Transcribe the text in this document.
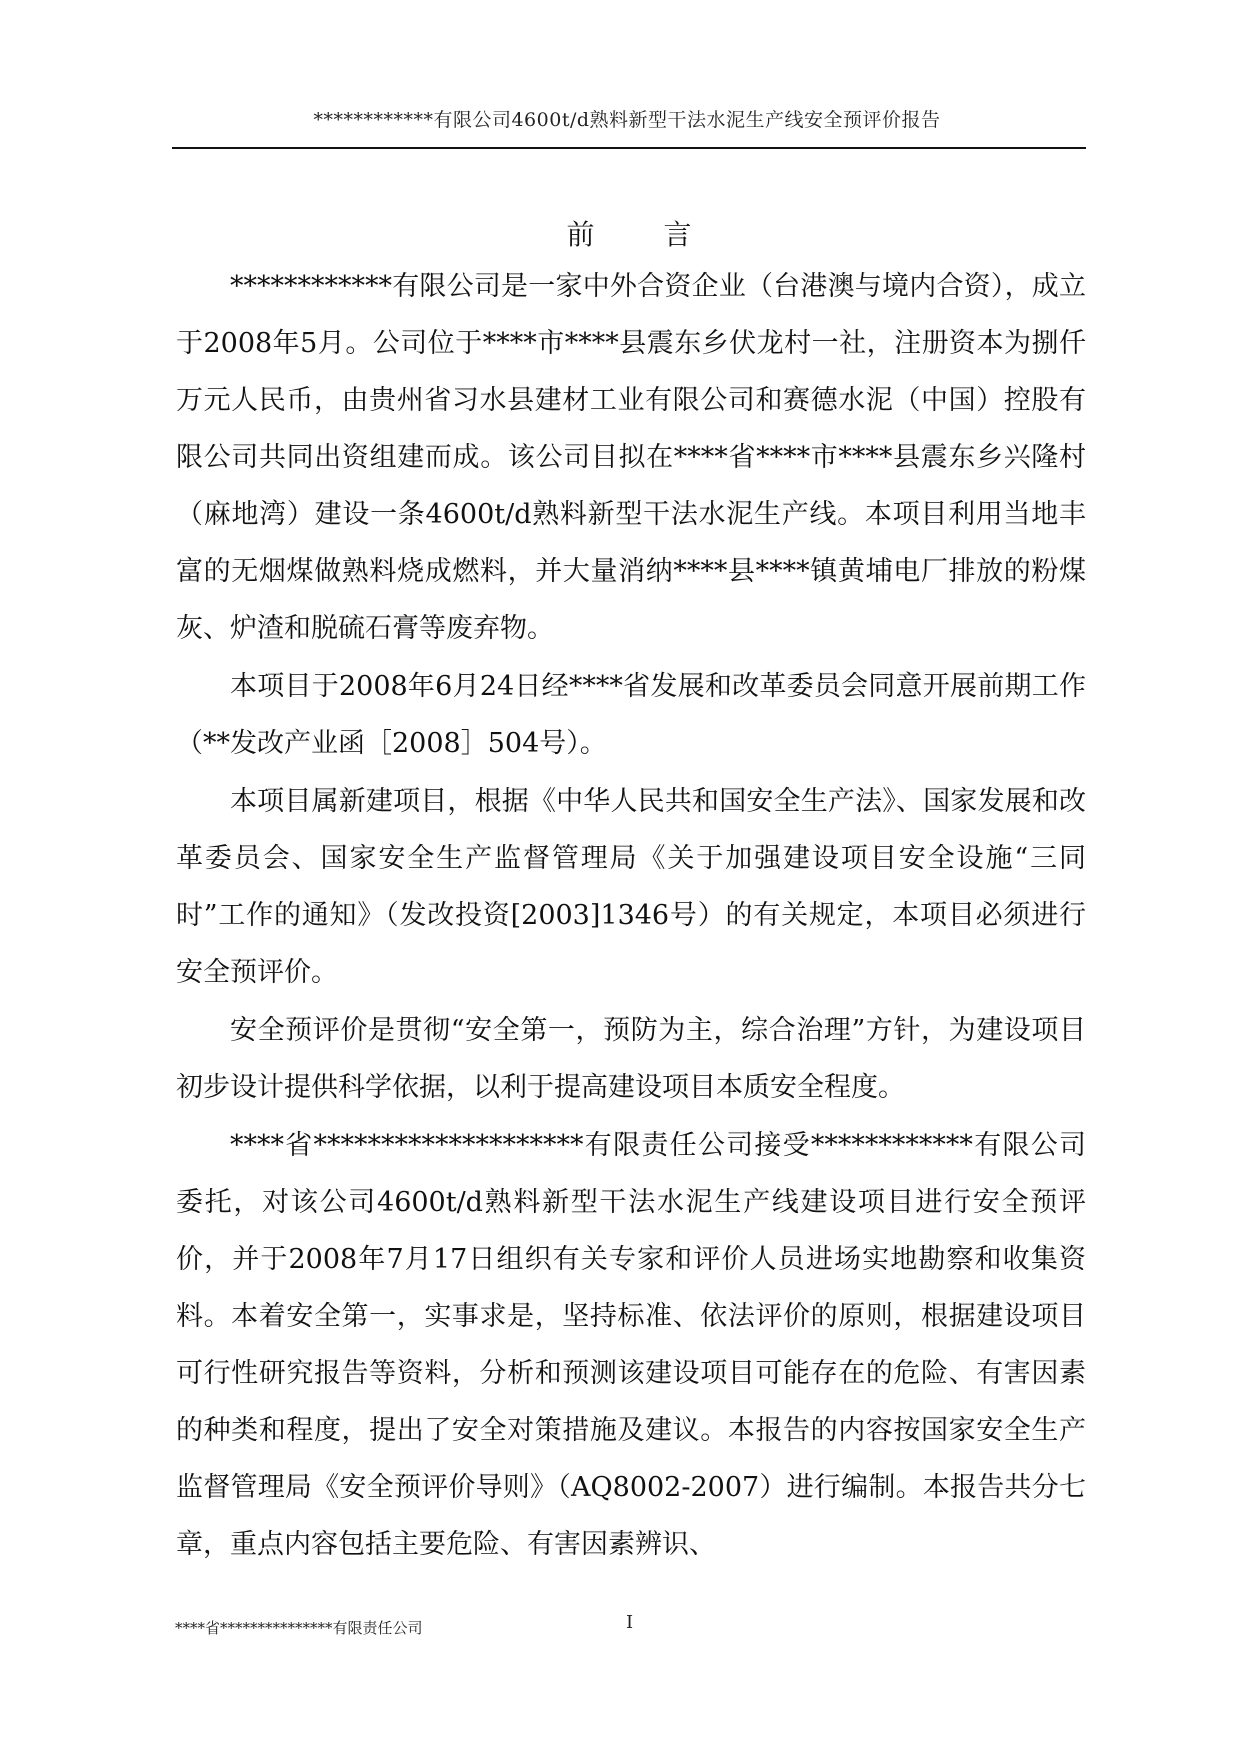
************有限公司4600t/d熟料新型干法水泥生产线安全预评价报告
前 言

************有限公司是一家中外合资企业（台港澳与境内合资），成立于2008年5月。公司位于****市****县震东乡伏龙村一社，注册资本为捌仟万元人民币，由贵州省习水县建材工业有限公司和赛德水泥（中国）控股有限公司共同出资组建而成。该公司目拟在****省****市****县震东乡兴隆村（麻地湾）建设一条4600t/d熟料新型干法水泥生产线。本项目利用当地丰富的无烟煤做熟料烧成燃料，并大量消纳****县****镇黄埔电厂排放的粉煤灰、炉渣和脱硫石膏等废弃物。

本项目于2008年6月24日经****省发展和改革委员会同意开展前期工作（**发改产业函［2008］504号）。

本项目属新建项目，根据《中华人民共和国安全生产法》、国家发展和改革委员会、国家安全生产监督管理局《关于加强建设项目安全设施“三同时”工作的通知》（发改投资[2003]1346号）的有关规定，本项目必须进行安全预评价。

安全预评价是贯彻“安全第一，预防为主，综合治理”方针，为建设项目初步设计提供科学依据，以利于提高建设项目本质安全程度。

****省********************有限责任公司接受************有限公司委托，对该公司4600t/d熟料新型干法水泥生产线建设项目进行安全预评价，并于2008年7月17日组织有关专家和评价人员进场实地勘察和收集资料。本着安全第一，实事求是，坚持标准、依法评价的原则，根据建设项目可行性研究报告等资料，分析和预测该建设项目可能存在的危险、有害因素的种类和程度，提出了安全对策措施及建议。本报告的内容按国家安全生产监督管理局《安全预评价导则》（AQ8002-2007）进行编制。本报告共分七章，重点内容包括主要危险、有害因素辨识、

****省***************有限责任公司	I
